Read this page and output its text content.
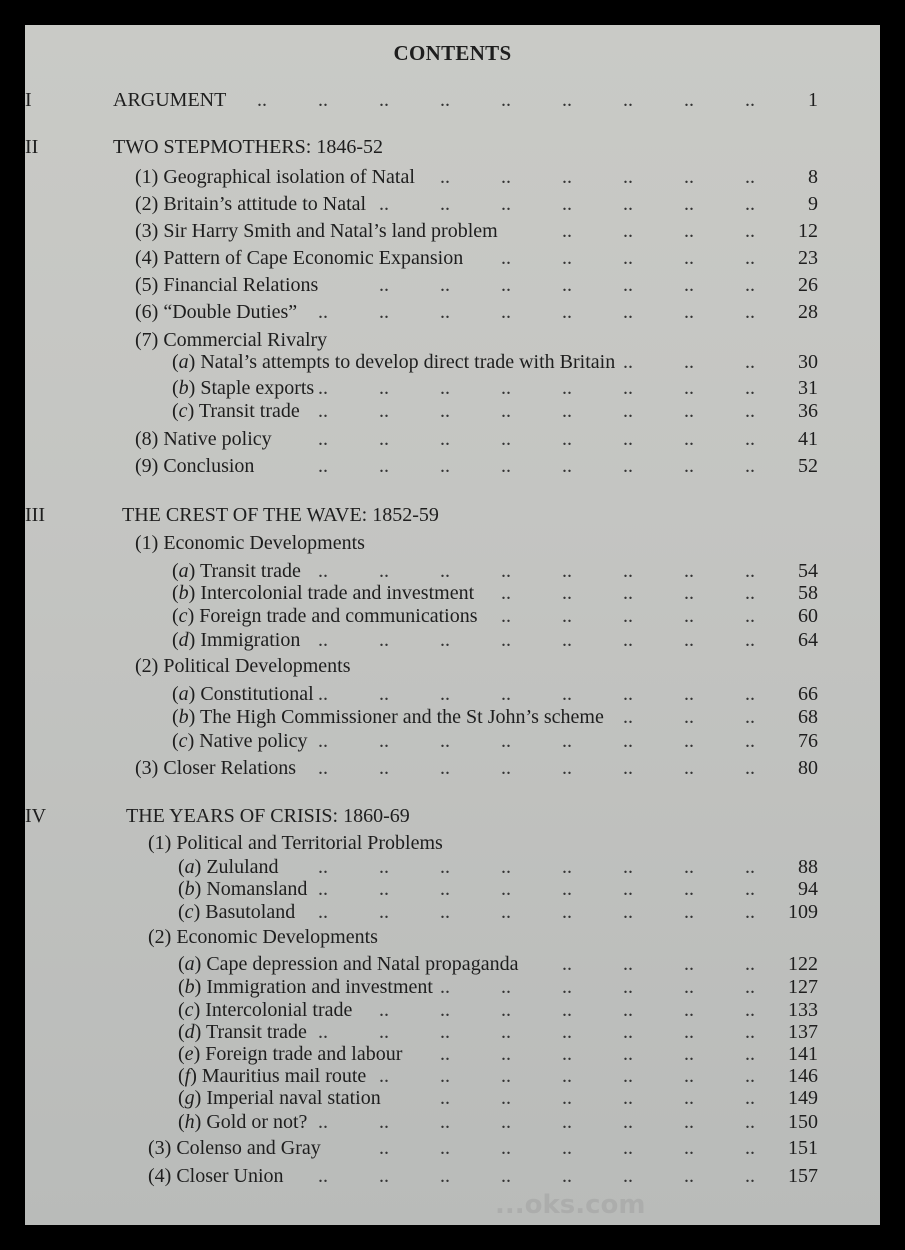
CONTENTS
I	ARGUMENT	1
..	..	..	..	..	..	..	..	..
II	TWO STEPMOTHERS: 1846-52
(1) Geographical isolation of Natal	8
..	..	..	..	..	..
(2) Britain’s attitude to Natal	9
..	..	..	..	..	..	..
(3) Sir Harry Smith and Natal’s land problem	12
..	..	..	..
(4) Pattern of Cape Economic Expansion	23
..	..	..	..	..
(5) Financial Relations	26
..	..	..	..	..	..	..
(6) “Double Duties”	28
..	..	..	..	..	..	..	..
(7) Commercial Rivalry
(a) Natal’s attempts to develop direct trade with Britain	30
..	..	..
(b) Staple exports	31
..	..	..	..	..	..	..	..
(c) Transit trade	36
..	..	..	..	..	..	..	..
(8) Native policy	41
..	..	..	..	..	..	..	..
(9) Conclusion	52
..	..	..	..	..	..	..	..
III	THE CREST OF THE WAVE: 1852-59
(1) Economic Developments
(a) Transit trade	54
..	..	..	..	..	..	..	..
(b) Intercolonial trade and investment	58
..	..	..	..	..
(c) Foreign trade and communications	60
..	..	..	..	..
(d) Immigration	64
..	..	..	..	..	..	..	..
(2) Political Developments
(a) Constitutional	66
..	..	..	..	..	..	..	..
(b) The High Commissioner and the St John’s scheme	68
..	..	..
(c) Native policy	76
..	..	..	..	..	..	..	..
(3) Closer Relations	80
..	..	..	..	..	..	..	..
IV	THE YEARS OF CRISIS: 1860-69
(1) Political and Territorial Problems
(a) Zululand	88
..	..	..	..	..	..	..	..
(b) Nomansland	94
..	..	..	..	..	..	..	..
(c) Basutoland	109
..	..	..	..	..	..	..	..
(2) Economic Developments
(a) Cape depression and Natal propaganda	122
..	..	..	..
(b) Immigration and investment	127
..	..	..	..	..	..
(c) Intercolonial trade	133
..	..	..	..	..	..	..
(d) Transit trade	137
..	..	..	..	..	..	..	..
(e) Foreign trade and labour	141
..	..	..	..	..	..
(f) Mauritius mail route	146
..	..	..	..	..	..	..
(g) Imperial naval station	149
..	..	..	..	..	..
(h) Gold or not?	150
..	..	..	..	..	..	..	..
(3) Colenso and Gray	151
..	..	..	..	..	..	..
(4) Closer Union	157
..	..	..	..	..	..	..	..
...oks.com
